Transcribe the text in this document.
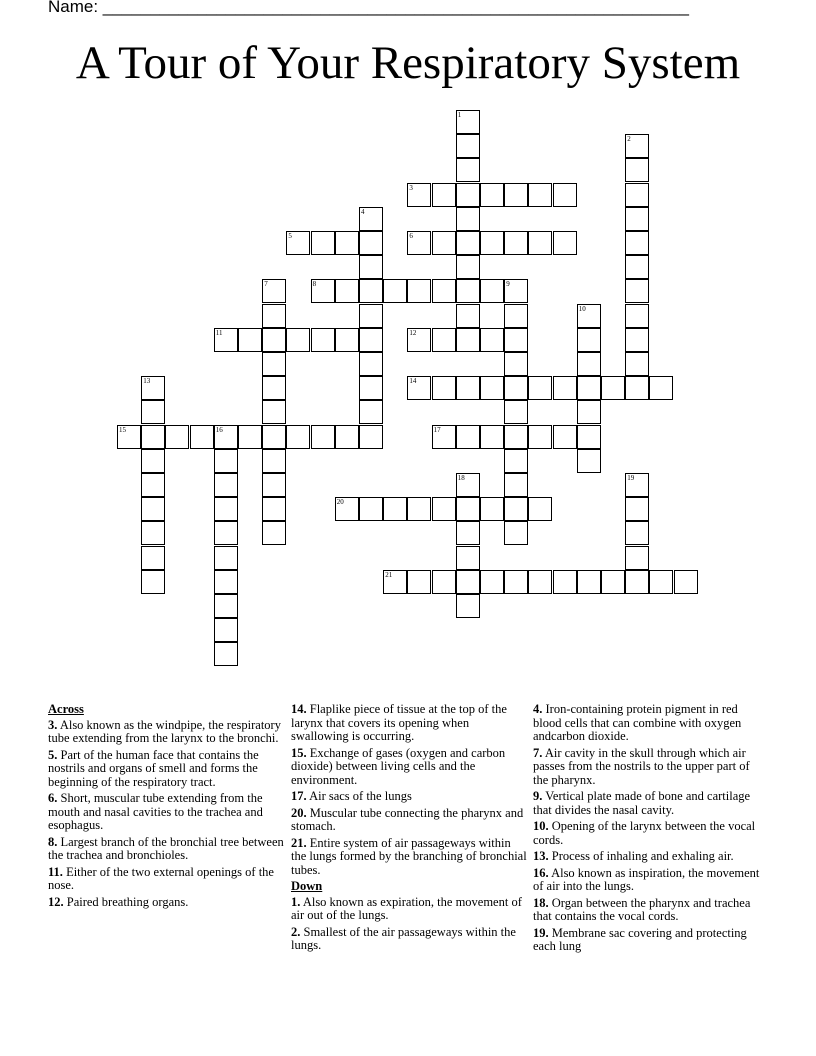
Name: ______________________________________________________________
A Tour of Your Respiratory System
1
2
3
4
5	6
7	8	9
10
11	12
13	14
15	16	17
18	19
20
21
Across
3. Also known as the windpipe, the respiratory tube extending from the larynx to the bronchi.
5. Part of the human face that contains the nostrils and organs of smell and forms the beginning of the respiratory tract.
6. Short, muscular tube extending from the mouth and nasal cavities to the trachea and esophagus.
8. Largest branch of the bronchial tree between the trachea and bronchioles.
11. Either of the two external openings of the nose.
12. Paired breathing organs.
14. Flaplike piece of tissue at the top of the larynx that covers its opening when swallowing is occurring.
15. Exchange of gases (oxygen and carbon dioxide) between living cells and the environment.
17. Air sacs of the lungs
20. Muscular tube connecting the pharynx and stomach.
21. Entire system of air passageways within the lungs formed by the branching of bronchial tubes.
Down
1. Also known as expiration, the movement of air out of the lungs.
2. Smallest of the air passageways within the lungs.
4. Iron-containing protein pigment in red blood cells that can combine with oxygen andcarbon dioxide.
7. Air cavity in the skull through which air passes from the nostrils to the upper part of the pharynx.
9. Vertical plate made of bone and cartilage that divides the nasal cavity.
10. Opening of the larynx between the vocal cords.
13. Process of inhaling and exhaling air.
16. Also known as inspiration, the movement of air into the lungs.
18. Organ between the pharynx and trachea that contains the vocal cords.
19. Membrane sac covering and protecting each lung
